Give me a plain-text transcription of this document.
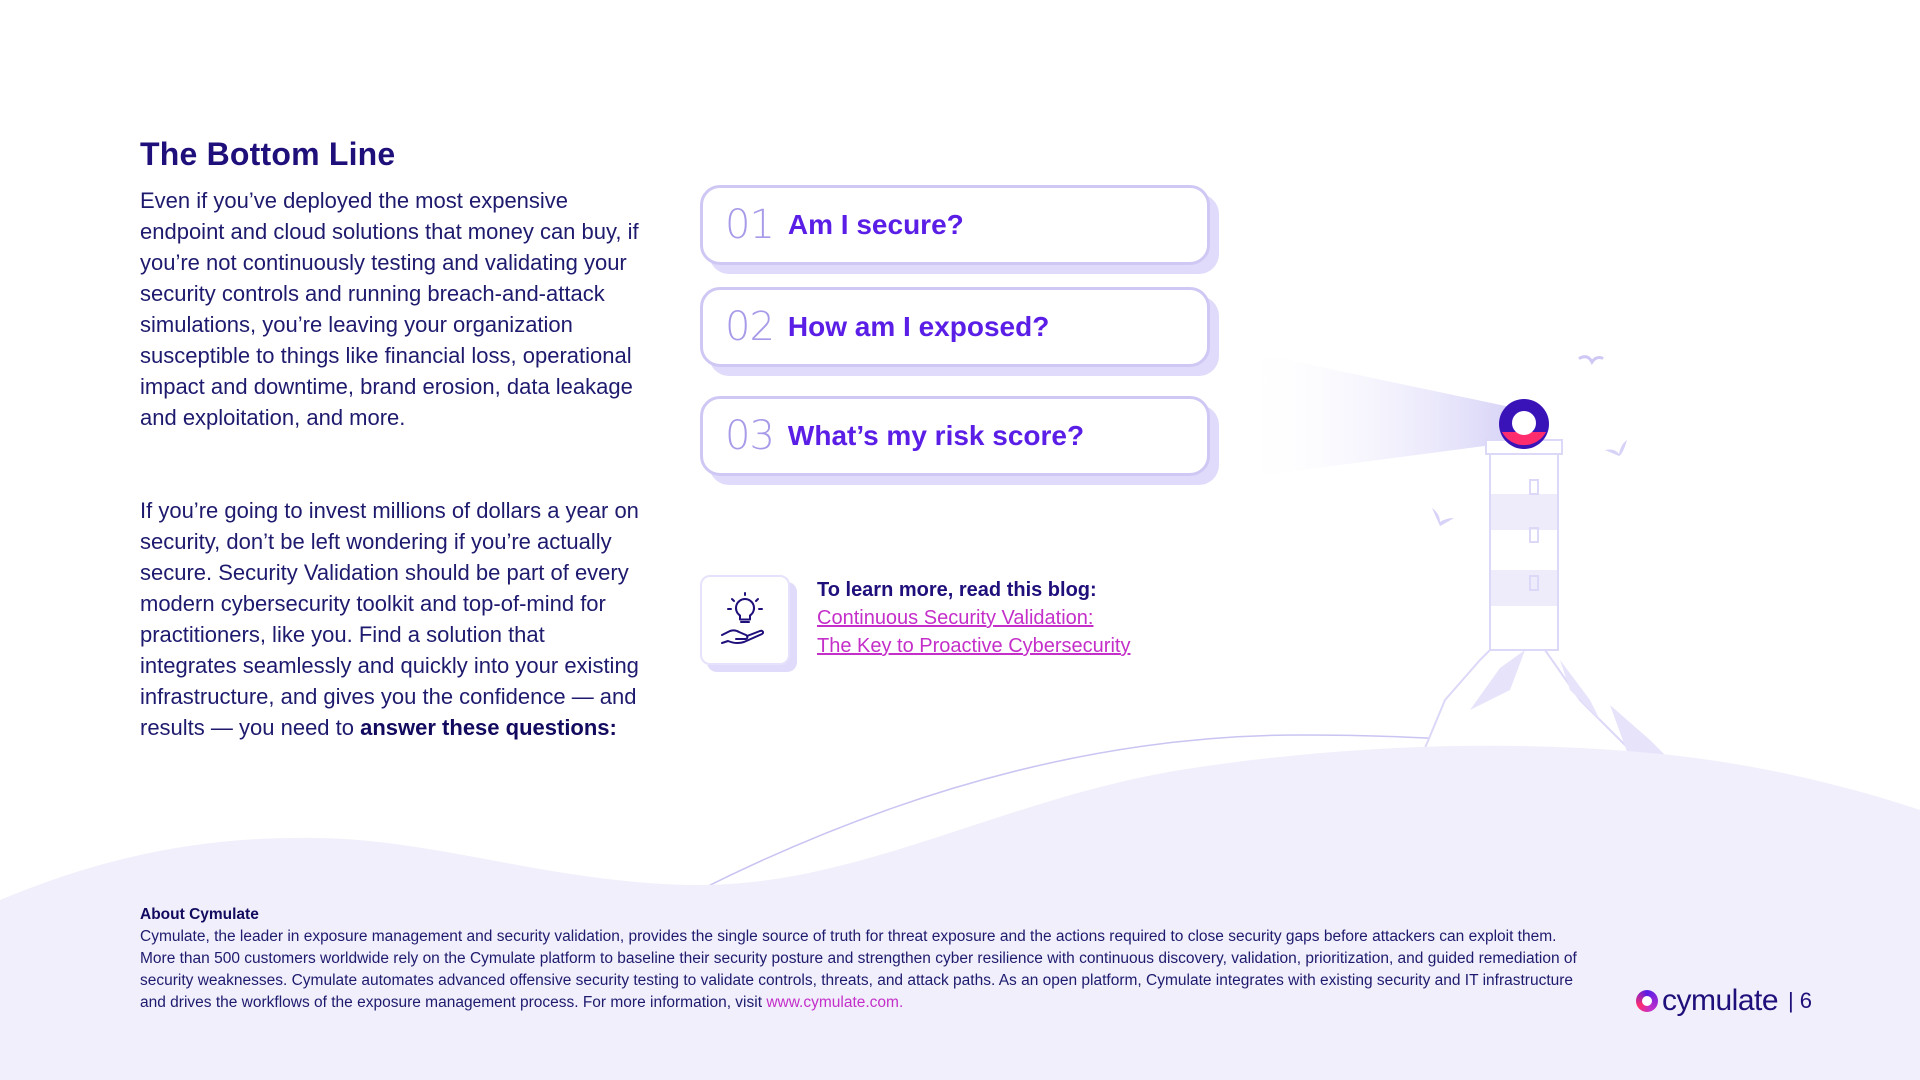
The Bottom Line

Even if you’ve deployed the most expensive endpoint and cloud solutions that money can buy, if you’re not continuously testing and validating your security controls and running breach-and-attack simulations, you’re leaving your organization susceptible to things like financial loss, operational impact and downtime, brand erosion, data leakage and exploitation, and more.

If you’re going to invest millions of dollars a year on security, don’t be left wondering if you’re actually secure. Security Validation should be part of every modern cybersecurity toolkit and top-of-mind for practitioners, like you. Find a solution that integrates seamlessly and quickly into your existing infrastructure, and gives you the confidence — and results — you need to answer these questions:

01 Am I secure?
02 How am I exposed?
03 What’s my risk score?
To learn more, read this blog:
Continuous Security Validation:
The Key to Proactive Cybersecurity
About Cymulate
Cymulate, the leader in exposure management and security validation, provides the single source of truth for threat exposure and the actions required to close security gaps before attackers can exploit them. More than 500 customers worldwide rely on the Cymulate platform to baseline their security posture and strengthen cyber resilience with continuous discovery, validation, prioritization, and guided remediation of security weaknesses. Cymulate automates advanced offensive security testing to validate controls, threats, and attack paths. As an open platform, Cymulate integrates with existing security and IT infrastructure and drives the workflows of the exposure management process. For more information, visit www.cymulate.com.	cymulate | 6
